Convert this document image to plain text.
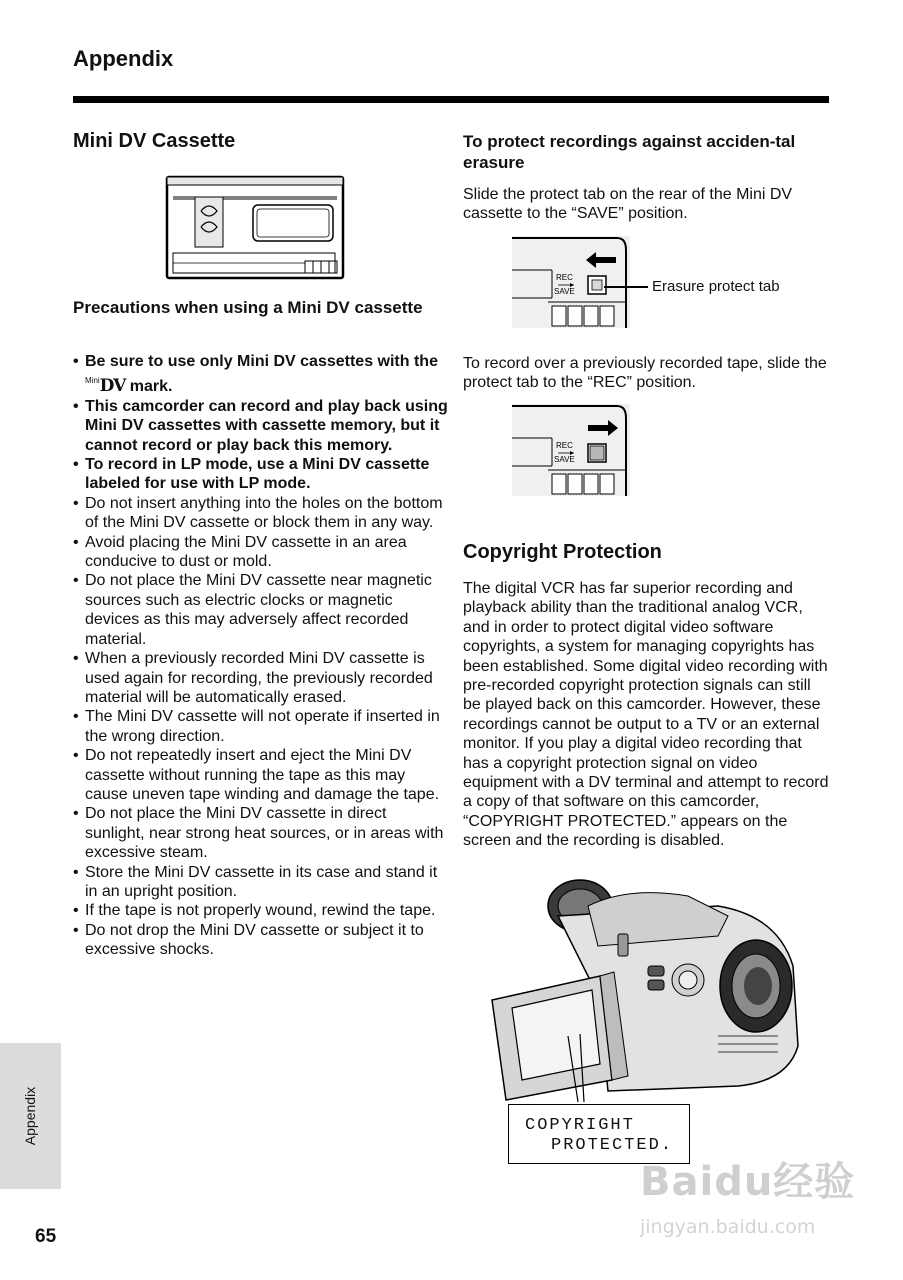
Appendix
Mini DV Cassette
Precautions when using a Mini DV cassette
• Be sure to use only Mini DV cassettes with the $^{Mini}$DV mark.
• This camcorder can record and play back using Mini DV cassettes with cassette memory, but it cannot record or play back this memory.
• To record in LP mode, use a Mini DV cassette labeled for use with LP mode.
• Do not insert anything into the holes on the bottom of the Mini DV cassette or block them in any way.
• Avoid placing the Mini DV cassette in an area conducive to dust or mold.
• Do not place the Mini DV cassette near magnetic sources such as electric clocks or magnetic devices as this may adversely affect recorded material.
• When a previously recorded Mini DV cassette is used again for recording, the previously recorded material will be automatically erased.
• The Mini DV cassette will not operate if inserted in the wrong direction.
• Do not repeatedly insert and eject the Mini DV cassette without running the tape as this may cause uneven tape winding and damage the tape.
• Do not place the Mini DV cassette in direct sunlight, near strong heat sources, or in areas with excessive steam.
• Store the Mini DV cassette in its case and stand it in an upright position.
• If the tape is not properly wound, rewind the tape.
• Do not drop the Mini DV cassette or subject it to excessive shocks.
To protect recordings against acciden-tal erasure
Slide the protect tab on the rear of the Mini DV cassette to the “SAVE” position.
REC
SAVE	Erasure protect tab
To record over a previously recorded tape, slide the protect tab to the “REC” position.
REC
SAVE
Copyright Protection
The digital VCR has far superior recording and playback ability than the traditional analog VCR, and in order to protect digital video software copyrights, a system for managing copyrights has been established. Some digital video recording with pre-recorded copyright protection signals can still be played back on this camcorder. However, these recordings cannot be output to a TV or an external monitor. If you play a digital video recording that has a copyright protection signal on video equipment with a DV terminal and attempt to record a copy of that software on this camcorder, “COPYRIGHT PROTECTED.” appears on the screen and the recording is disabled.
COPYRIGHT
PROTECTED.
Appendix
65
Baidu经验
jingyan.baidu.com
